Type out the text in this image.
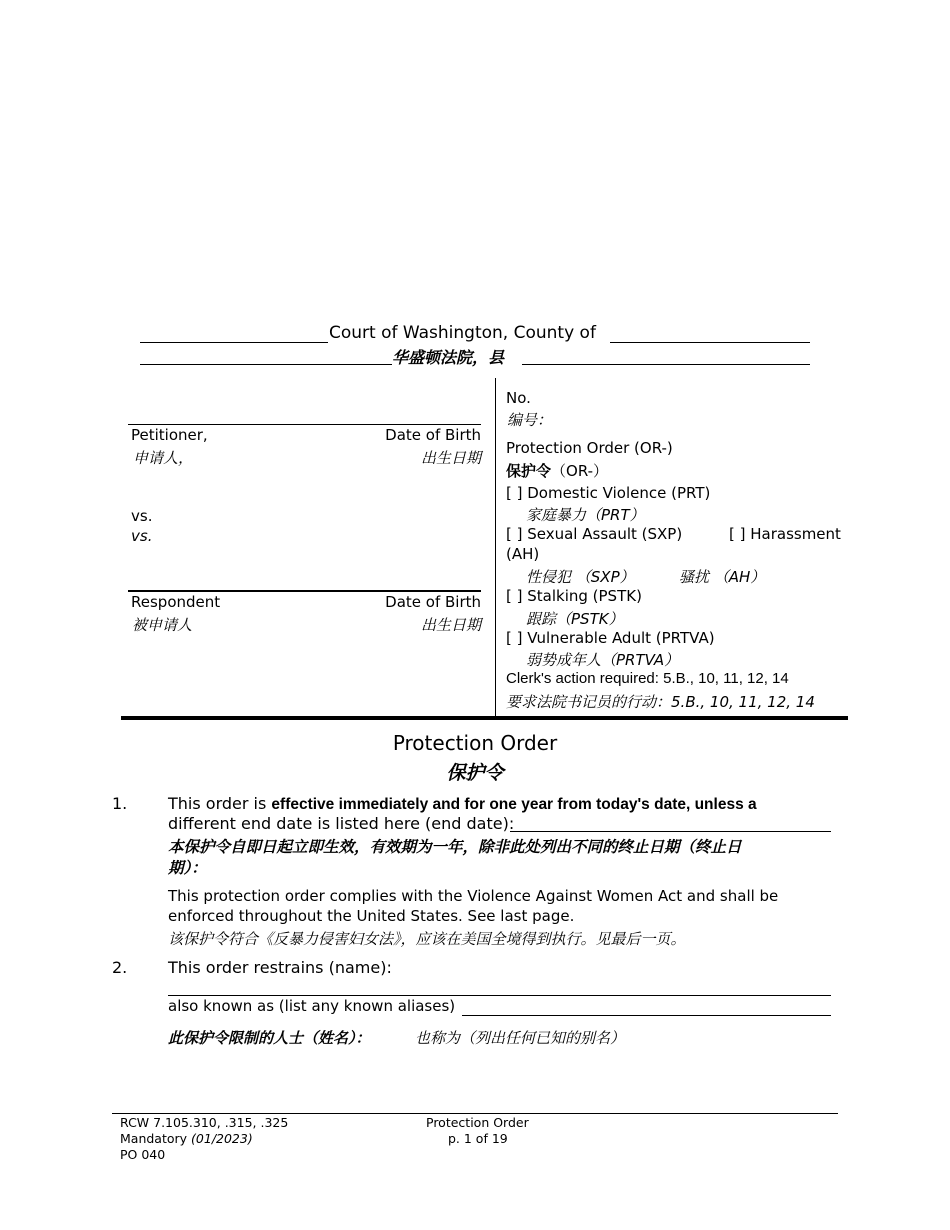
Court of Washington, County of
华盛顿法院，县
Petitioner,
申请人，
Date of Birth
出生日期
vs.
vs.
Respondent
被申请人
Date of Birth
出生日期
No.
编号：
Protection Order (OR-)
保护令（OR-）
[ ] Domestic Violence (PRT)
家庭暴力（PRT）
[ ] Sexual Assault (SXP)	[ ] Harassment
(AH)
性侵犯 （SXP）	骚扰 （AH）
[ ] Stalking (PSTK)
跟踪（PSTK）
[ ] Vulnerable Adult (PRTVA)
弱势成年人（PRTVA）
Clerk's action required: 5.B., 10, 11, 12, 14
要求法院书记员的行动：5.B., 10, 11, 12, 14
Protection Order
保护令
1.	This order is effective immediately and for one year from today's date, unless a
different end date is listed here (end date):
本保护令自即日起立即生效，有效期为一年，除非此处列出不同的终止日期（终止日
期）：
This protection order complies with the Violence Against Women Act and shall be
enforced throughout the United States. See last page.
该保护令符合《反暴力侵害妇女法》，应该在美国全境得到执行。见最后一页。
2.	This order restrains (name):
also known as (list any known aliases)
此保护令限制的人士（姓名）：	也称为（列出任何已知的别名）
RCW 7.105.310, .315, .325
Mandatory (01/2023)
PO 040
Protection Order
p. 1 of 19
